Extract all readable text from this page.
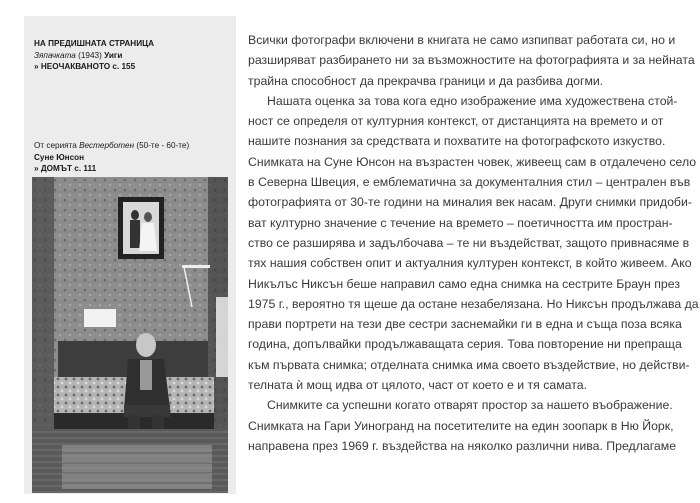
НА ПРЕДИШНАТА СТРАНИЦА
Зяпачката (1943) Уиги
» НЕОЧАКВАНОТО с. 155
От серията Вестерботен (50-те - 60-те)
Суне Юнсон
» ДОМЪТ с. 111
Всички фотографи включени в книгата не само изпипват работата си, но и
разширяват разбирането ни за възможностите на фотографията и за нейната
трайна способност да прекрачва граници и да разбива догми.
Нашата оценка за това кога едно изображение има художествена стой-
ност се определя от културния контекст, от дистанцията на времето и от
нашите познания за средствата и похватите на фотографското изкуство.
Снимката на Суне Юнсон на възрастен човек, живеещ сам в отдалечено село
в Северна Швеция, е емблематична за документалния стил – централен във
фотографията от 30-те години на миналия век насам. Други снимки придоби-
ват културно значение с течение на времето – поетичността им простран-
ство се разширява и задълбочава – те ни въздействат, защото привнасяме в
тях нашия собствен опит и актуалния културен контекст, в който живеем. Ако
Никълъс Никсън беше направил само една снимка на сестрите Браун през
1975 г., вероятно тя щеше да остане незабелязана. Но Никсън продължава да
прави портрети на тези две сестри заснемайки ги в една и съща поза всяка
година, допълвайки продължаващата серия. Това повторение ни препраща
към първата снимка; отделната снимка има своето въздействие, но действи-
телната ѝ мощ идва от цялото, част от което е и тя самата.
Снимките са успешни когато отварят простор за нашето въображение.
Снимката на Гари Уиногранд на посетителите на един зоопарк в Ню Йорк,
направена през 1969 г. въздейства на няколко различни нива. Предлагаме
